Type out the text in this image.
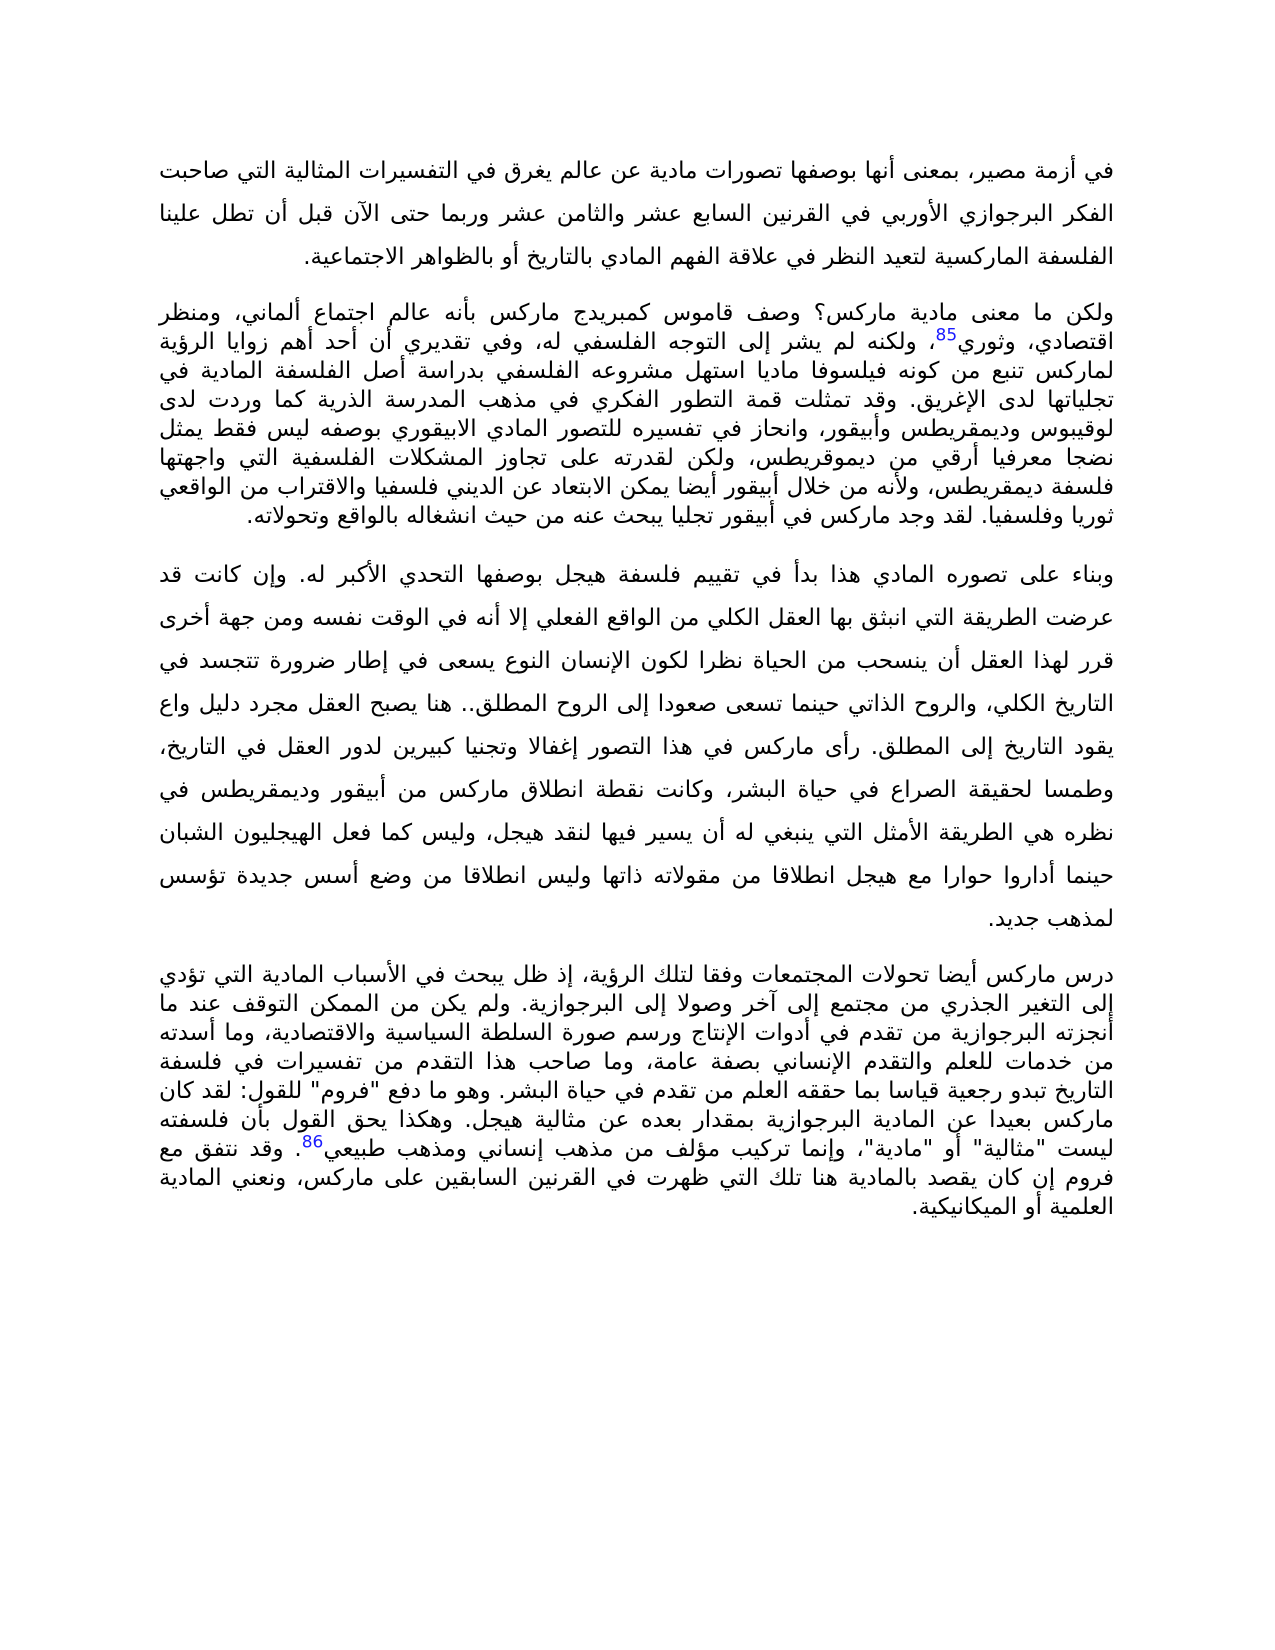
في أزمة مصير، بمعنى أنها بوصفها تصورات مادية عن عالم يغرق في التفسيرات المثالية التي صاحبت الفكر البرجوازي الأوربي في القرنين السابع عشر والثامن عشر وربما حتى الآن قبل أن تطل علينا الفلسفة الماركسية لتعيد النظر في علاقة الفهم المادي بالتاريخ أو بالظواهر الاجتماعية.

ولكن ما معنى مادية ماركس؟ وصف قاموس كمبريدج ماركس بأنه عالم اجتماع ألماني، ومنظر اقتصادي، وثوري$^{85}$، ولكنه لم يشر إلى التوجه الفلسفي له، وفي تقديري أن أحد أهم زوايا الرؤية لماركس تنبع من كونه فيلسوفا ماديا استهل مشروعه الفلسفي بدراسة أصل الفلسفة المادية في تجلياتها لدى الإغريق. وقد تمثلت قمة التطور الفكري في مذهب المدرسة الذرية كما وردت لدى لوقيبوس وديمقريطس وأبيقور، وانحاز في تفسيره للتصور المادي الابيقوري بوصفه ليس فقط يمثل نضجا معرفيا أرقي من ديموقريطس، ولكن لقدرته على تجاوز المشكلات الفلسفية التي واجهتها فلسفة ديمقريطس، ولأنه من خلال أبيقور أيضا يمكن الابتعاد عن الديني فلسفيا والاقتراب من الواقعي ثوريا وفلسفيا. لقد وجد ماركس في أبيقور تجليا يبحث عنه من حيث انشغاله بالواقع وتحولاته.

وبناء على تصوره المادي هذا بدأ في تقييم فلسفة هيجل بوصفها التحدي الأكبر له. وإن كانت قد عرضت الطريقة التي انبثق بها العقل الكلي من الواقع الفعلي إلا أنه في الوقت نفسه ومن جهة أخرى قرر لهذا العقل أن ينسحب من الحياة نظرا لكون الإنسان النوع يسعى في إطار ضرورة تتجسد في التاريخ الكلي، والروح الذاتي حينما تسعى صعودا إلى الروح المطلق.. هنا يصبح العقل مجرد دليل واع يقود التاريخ إلى المطلق. رأى ماركس في هذا التصور إغفالا وتجنيا كبيرين لدور العقل في التاريخ، وطمسا لحقيقة الصراع في حياة البشر، وكانت نقطة انطلاق ماركس من أبيقور وديمقريطس في نظره هي الطريقة الأمثل التي ينبغي له أن يسير فيها لنقد هيجل، وليس كما فعل الهيجليون الشبان حينما أداروا حوارا مع هيجل انطلاقا من مقولاته ذاتها وليس انطلاقا من وضع أسس جديدة تؤسس لمذهب جديد.

درس ماركس أيضا تحولات المجتمعات وفقا لتلك الرؤية، إذ ظل يبحث في الأسباب المادية التي تؤدي إلى التغير الجذري من مجتمع إلى آخر وصولا إلى البرجوازية. ولم يكن من الممكن التوقف عند ما أنجزته البرجوازية من تقدم في أدوات الإنتاج ورسم صورة السلطة السياسية والاقتصادية، وما أسدته من خدمات للعلم والتقدم الإنساني بصفة عامة، وما صاحب هذا التقدم من تفسيرات في فلسفة التاريخ تبدو رجعية قياسا بما حققه العلم من تقدم في حياة البشر. وهو ما دفع "فروم" للقول: لقد كان ماركس بعيدا عن المادية البرجوازية بمقدار بعده عن مثالية هيجل. وهكذا يحق القول بأن فلسفته ليست "مثالية" أو "مادية"، وإنما تركيب مؤلف من مذهب إنساني ومذهب طبيعي$^{86}$. وقد نتفق مع فروم إن كان يقصد بالمادية هنا تلك التي ظهرت في القرنين السابقين على ماركس، ونعني المادية العلمية أو الميكانيكية.
